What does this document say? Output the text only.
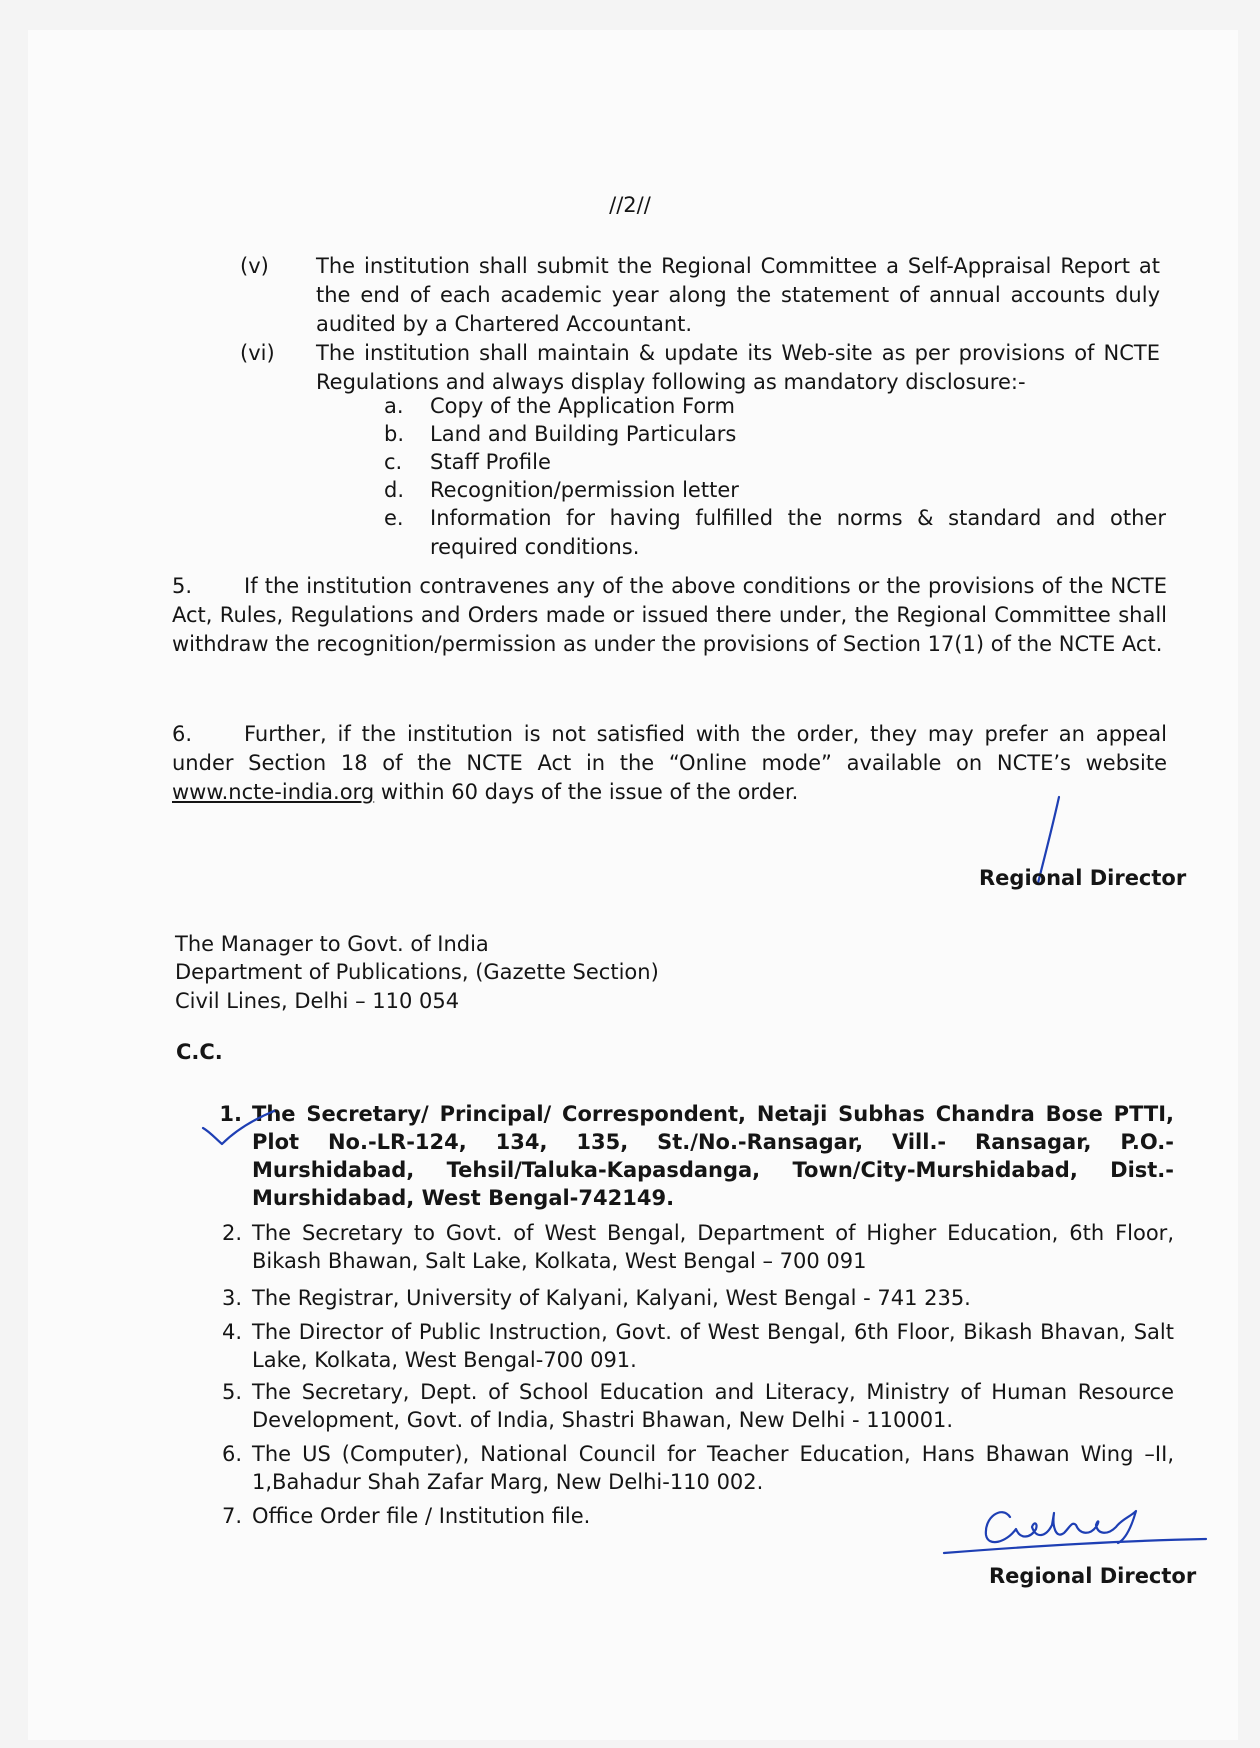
//2//
(v) The institution shall submit the Regional Committee a Self-Appraisal Report at the end of each academic year along the statement of annual accounts duly audited by a Chartered Accountant.
(vi) The institution shall maintain & update its Web-site as per provisions of NCTE Regulations and always display following as mandatory disclosure:-
a. Copy of the Application Form
b. Land and Building Particulars
c. Staff Profile
d. Recognition/permission letter
e. Information for having fulfilled the norms & standard and other required conditions.
5. If the institution contravenes any of the above conditions or the provisions of the NCTE Act, Rules, Regulations and Orders made or issued there under, the Regional Committee shall withdraw the recognition/permission as under the provisions of Section 17(1) of the NCTE Act.
6. Further, if the institution is not satisfied with the order, they may prefer an appeal under Section 18 of the NCTE Act in the “Online mode” available on NCTE’s website www.ncte-india.org within 60 days of the issue of the order.
Regional Director
The Manager to Govt. of India
Department of Publications, (Gazette Section)
Civil Lines, Delhi – 110 054
C.C.
1. The Secretary/ Principal/ Correspondent, Netaji Subhas Chandra Bose PTTI, Plot No.-LR-124, 134, 135, St./No.-Ransagar, Vill.- Ransagar, P.O.-Murshidabad, Tehsil/Taluka-Kapasdanga, Town/City-Murshidabad, Dist.-Murshidabad, West Bengal-742149.
2. The Secretary to Govt. of West Bengal, Department of Higher Education, 6th Floor, Bikash Bhawan, Salt Lake, Kolkata, West Bengal – 700 091
3. The Registrar, University of Kalyani, Kalyani, West Bengal - 741 235.
4. The Director of Public Instruction, Govt. of West Bengal, 6th Floor, Bikash Bhavan, Salt Lake, Kolkata, West Bengal-700 091.
5. The Secretary, Dept. of School Education and Literacy, Ministry of Human Resource Development, Govt. of India, Shastri Bhawan, New Delhi - 110001.
6. The US (Computer), National Council for Teacher Education, Hans Bhawan Wing –II, 1,Bahadur Shah Zafar Marg, New Delhi-110 002.
7. Office Order file / Institution file.
Regional Director
